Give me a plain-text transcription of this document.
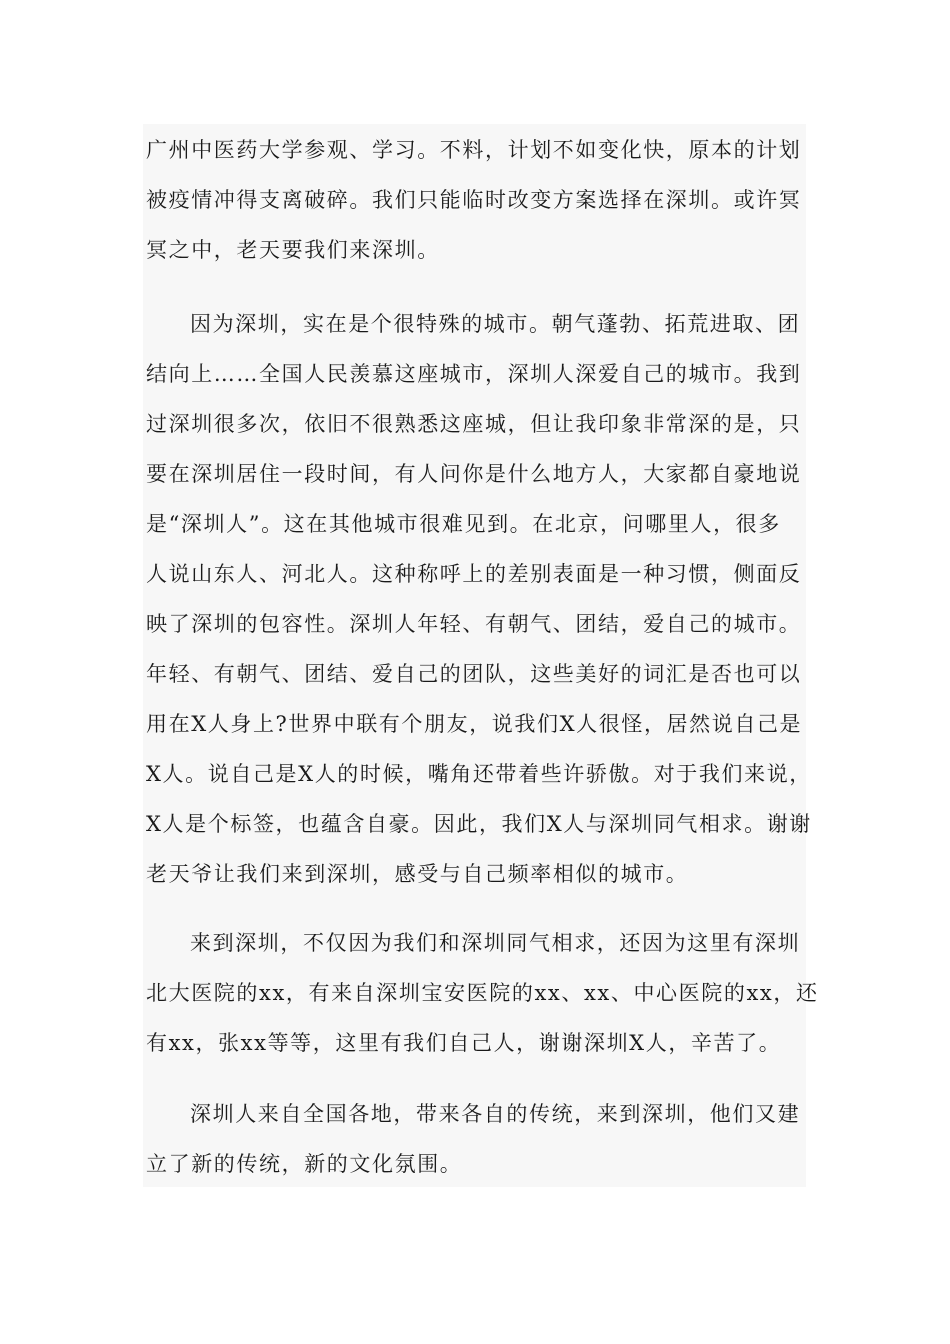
广州中医药大学参观、学习。不料，计划不如变化快，原本的计划
被疫情冲得支离破碎。我们只能临时改变方案选择在深圳。或许冥
冥之中，老天要我们来深圳。
因为深圳，实在是个很特殊的城市。朝气蓬勃、拓荒进取、团
结向上……全国人民羡慕这座城市，深圳人深爱自己的城市。我到
过深圳很多次，依旧不很熟悉这座城，但让我印象非常深的是，只
要在深圳居住一段时间，有人问你是什么地方人，大家都自豪地说
是“深圳人”。这在其他城市很难见到。在北京，问哪里人，很多
人说山东人、河北人。这种称呼上的差别表面是一种习惯，侧面反
映了深圳的包容性。深圳人年轻、有朝气、团结，爱自己的城市。
年轻、有朝气、团结、爱自己的团队，这些美好的词汇是否也可以
用在X人身上?世界中联有个朋友，说我们X人很怪，居然说自己是
X人。说自己是X人的时候，嘴角还带着些许骄傲。对于我们来说，
X人是个标签，也蕴含自豪。因此，我们X人与深圳同气相求。谢谢
老天爷让我们来到深圳，感受与自己频率相似的城市。
来到深圳，不仅因为我们和深圳同气相求，还因为这里有深圳
北大医院的xx，有来自深圳宝安医院的xx、xx、中心医院的xx，还
有xx，张xx等等，这里有我们自己人，谢谢深圳X人，辛苦了。
深圳人来自全国各地，带来各自的传统，来到深圳，他们又建
立了新的传统，新的文化氛围。
